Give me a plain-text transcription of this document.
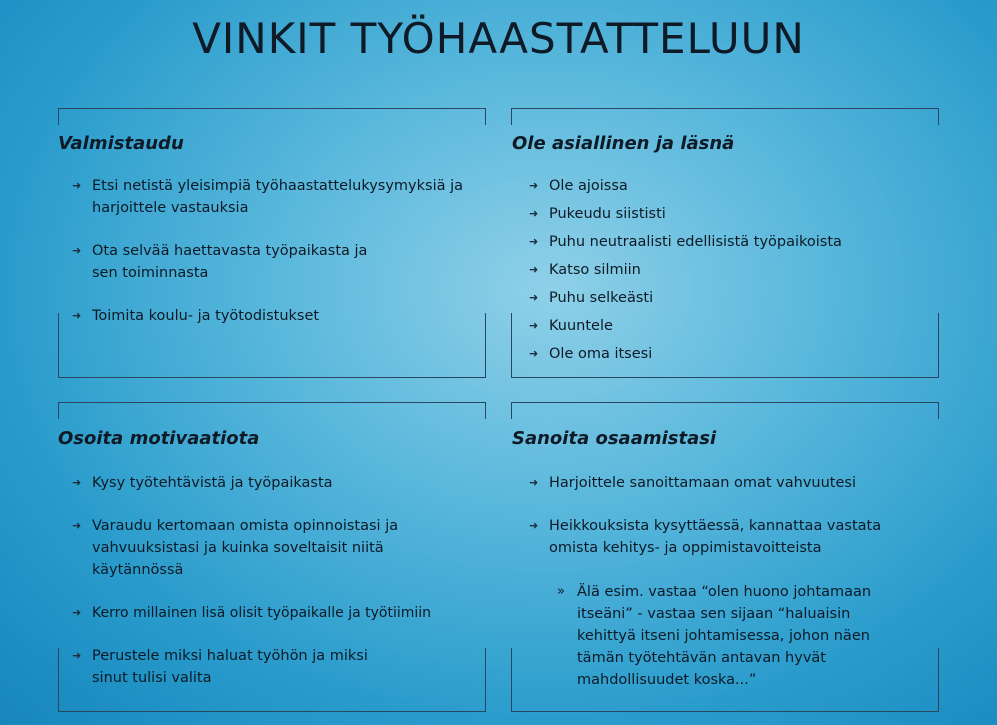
VINKIT TYÖHAASTATTELUUN
Valmistaudu
➜ Etsi netistä yleisimpiä työhaastattelukysymyksiä ja harjoittele vastauksia
➜ Ota selvää haettavasta työpaikasta ja sen toiminnasta
➜ Toimita koulu- ja työtodistukset
Ole asiallinen ja läsnä
➜ Ole ajoissa
➜ Pukeudu siististi
➜ Puhu neutraalisti edellisistä työpaikoista
➜ Katso silmiin
➜ Puhu selkeästi
➜ Kuuntele
➜ Ole oma itsesi
Osoita motivaatiota
➜ Kysy työtehtävistä ja työpaikasta
➜ Varaudu kertomaan omista opinnoistasi ja vahvuuksistasi ja kuinka soveltaisit niitä käytännössä
➜ Kerro millainen lisä olisit työpaikalle ja työtiimiin
➜ Perustele miksi haluat työhön ja miksi sinut tulisi valita
Sanoita osaamistasi
➜ Harjoittele sanoittamaan omat vahvuutesi
➜ Heikkouksista kysyttäessä, kannattaa vastata omista kehitys- ja oppimistavoitteista
» Älä esim. vastaa “olen huono johtamaan itseäni” - vastaa sen sijaan “haluaisin kehittyä itseni johtamisessa, johon näen tämän työtehtävän antavan hyvät mahdollisuudet koska...”
